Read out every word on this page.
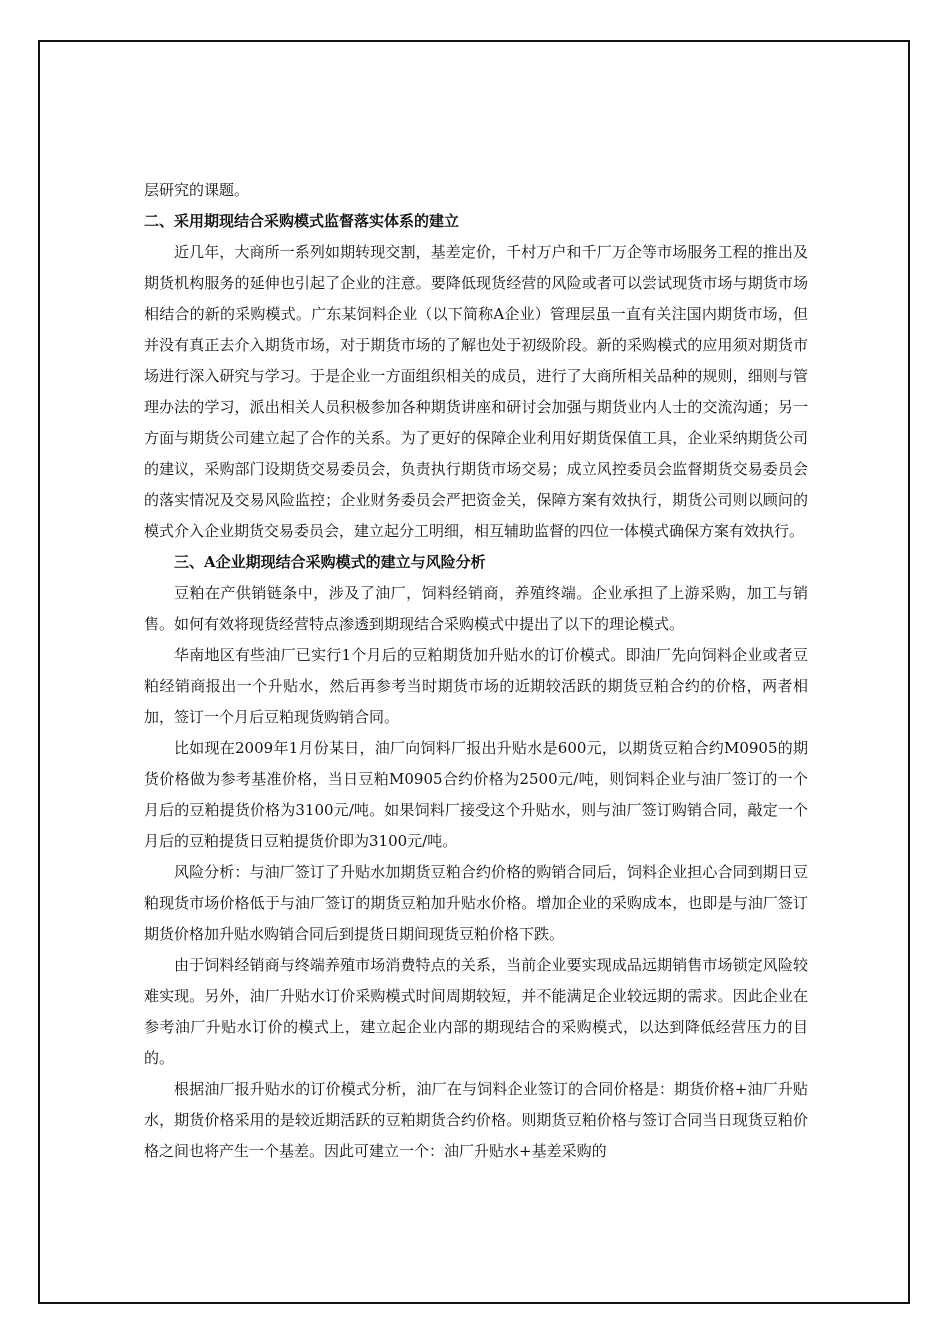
层研究的课题。

二、采用期现结合采购模式监督落实体系的建立

近几年，大商所一系列如期转现交割，基差定价，千村万户和千厂万企等市场服务工程的推出及期货机构服务的延伸也引起了企业的注意。要降低现货经营的风险或者可以尝试现货市场与期货市场相结合的新的采购模式。广东某饲料企业（以下简称A企业）管理层虽一直有关注国内期货市场，但并没有真正去介入期货市场，对于期货市场的了解也处于初级阶段。新的采购模式的应用须对期货市场进行深入研究与学习。于是企业一方面组织相关的成员，进行了大商所相关品种的规则，细则与管理办法的学习，派出相关人员积极参加各种期货讲座和研讨会加强与期货业内人士的交流沟通；另一方面与期货公司建立起了合作的关系。为了更好的保障企业利用好期货保值工具，企业采纳期货公司的建议，采购部门设期货交易委员会，负责执行期货市场交易；成立风控委员会监督期货交易委员会的落实情况及交易风险监控；企业财务委员会严把资金关，保障方案有效执行，期货公司则以顾问的模式介入企业期货交易委员会，建立起分工明细，相互辅助监督的四位一体模式确保方案有效执行。

三、A企业期现结合采购模式的建立与风险分析

豆粕在产供销链条中，涉及了油厂，饲料经销商，养殖终端。企业承担了上游采购，加工与销售。如何有效将现货经营特点渗透到期现结合采购模式中提出了以下的理论模式。

华南地区有些油厂已实行1个月后的豆粕期货加升贴水的订价模式。即油厂先向饲料企业或者豆粕经销商报出一个升贴水，然后再参考当时期货市场的近期较活跃的期货豆粕合约的价格，两者相加，签订一个月后豆粕现货购销合同。

比如现在2009年1月份某日，油厂向饲料厂报出升贴水是600元，以期货豆粕合约M0905的期货价格做为参考基准价格，当日豆粕M0905合约价格为2500元/吨，则饲料企业与油厂签订的一个月后的豆粕提货价格为3100元/吨。如果饲料厂接受这个升贴水，则与油厂签订购销合同，敲定一个月后的豆粕提货日豆粕提货价即为3100元/吨。

风险分析：与油厂签订了升贴水加期货豆粕合约价格的购销合同后，饲料企业担心合同到期日豆粕现货市场价格低于与油厂签订的期货豆粕加升贴水价格。增加企业的采购成本，也即是与油厂签订期货价格加升贴水购销合同后到提货日期间现货豆粕价格下跌。

由于饲料经销商与终端养殖市场消费特点的关系，当前企业要实现成品远期销售市场锁定风险较难实现。另外，油厂升贴水订价采购模式时间周期较短，并不能满足企业较远期的需求。因此企业在参考油厂升贴水订价的模式上，建立起企业内部的期现结合的采购模式，以达到降低经营压力的目的。

根据油厂报升贴水的订价模式分析，油厂在与饲料企业签订的合同价格是：期货价格+油厂升贴水，期货价格采用的是较近期活跃的豆粕期货合约价格。则期货豆粕价格与签订合同当日现货豆粕价格之间也将产生一个基差。因此可建立一个：油厂升贴水+基差采购的
